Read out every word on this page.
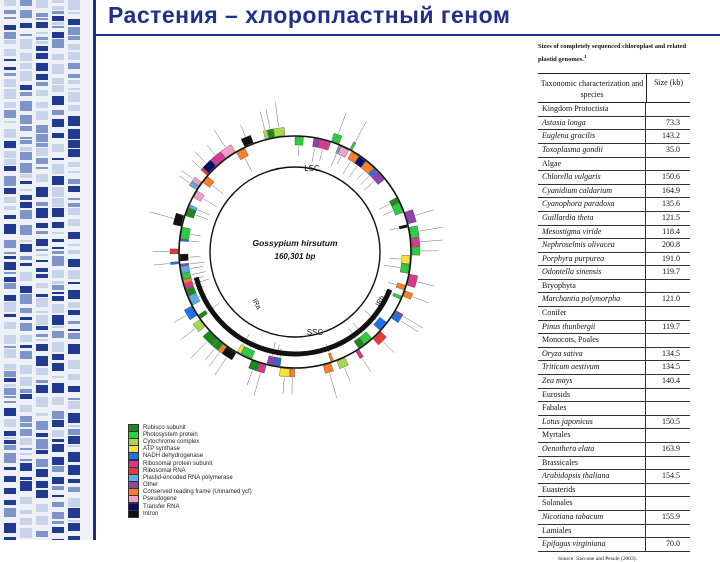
Растения – хлоропластный геном
Gossypium hirsutum
160,301 bp
LSC
SSC
IRa	IRb
Rubisco subunit
Photosystem protein
Cytochrome complex
ATP synthase
NADH dehydrogenase
Ribosomal protein subunit
Ribosomal RNA
Plastid-encoded RNA polymerase
Other
Conserved reading frame (Unnamed ycf)
Pseudogene
Transfer RNA
Intron
Sizes of completely sequenced chloroplast and related plastid genomes.$^1$
Taxonomic characterization and species
Size (kb)
Kingdom Protoctista
Astasia longa	73.3
Euglena gracilis	143.2
Toxoplasma gondii	35.0
Algae
Chlorella vulgaris	150.6
Cyanidium caldarium	164.9
Cyanophora paradoxa	135.6
Guillardia theta	121.5
Mesostigma viride	118.4
Nephroselmis olivacea	200.8
Porphyra purpurea	191.0
Odontella sinensis	119.7
Bryophyta
Marchantia polymorpha	121.0
Conifer
Pinus thunbergii	119.7
Monocots, Poales
Oryza sativa	134.5
Triticum aestivum	134.5
Zea mays	140.4
Eurosids
Fabales
Lotus japonicus	150.5
Myrtales
Oenothera elata	163.9
Brassicales
Arabidopsis thaliana	154.5
Euasterids
Solanales
Nicotiana tabacum	155.9
Lamiales
Epifagus virginiana	70.0
Source: Saccone and Pesole (2003).
